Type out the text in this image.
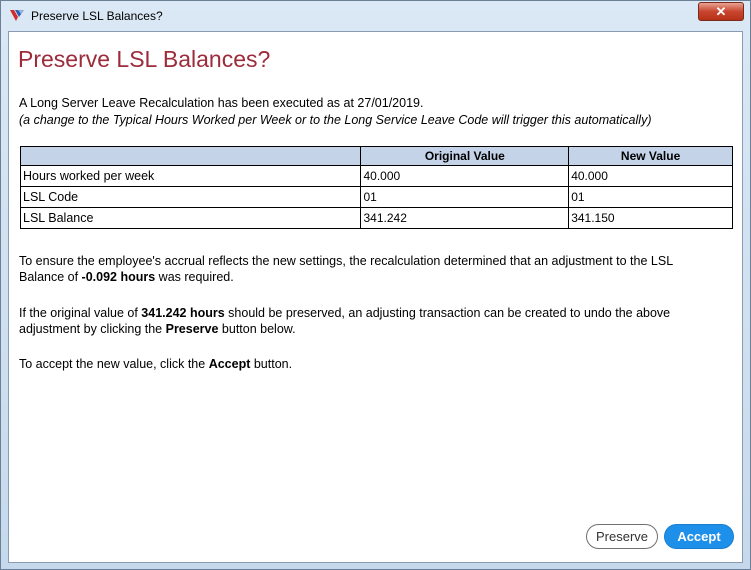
Preserve LSL Balances?	✕
Preserve LSL Balances?
A Long Server Leave Recalculation has been executed as at 27/01/2019.
(a change to the Typical Hours Worked per Week or to the Long Service Leave Code will trigger this automatically)
	Original Value	New Value
Hours worked per week	40.000	40.000
LSL Code	01	01
LSL Balance	341.242	341.150
To ensure the employee's accrual reflects the new settings, the recalculation determined that an adjustment to the LSL
Balance of -0.092 hours was required.
If the original value of 341.242 hours should be preserved, an adjusting transaction can be created to undo the above
adjustment by clicking the Preserve button below.
To accept the new value, click the Accept button.
Preserve	Accept
